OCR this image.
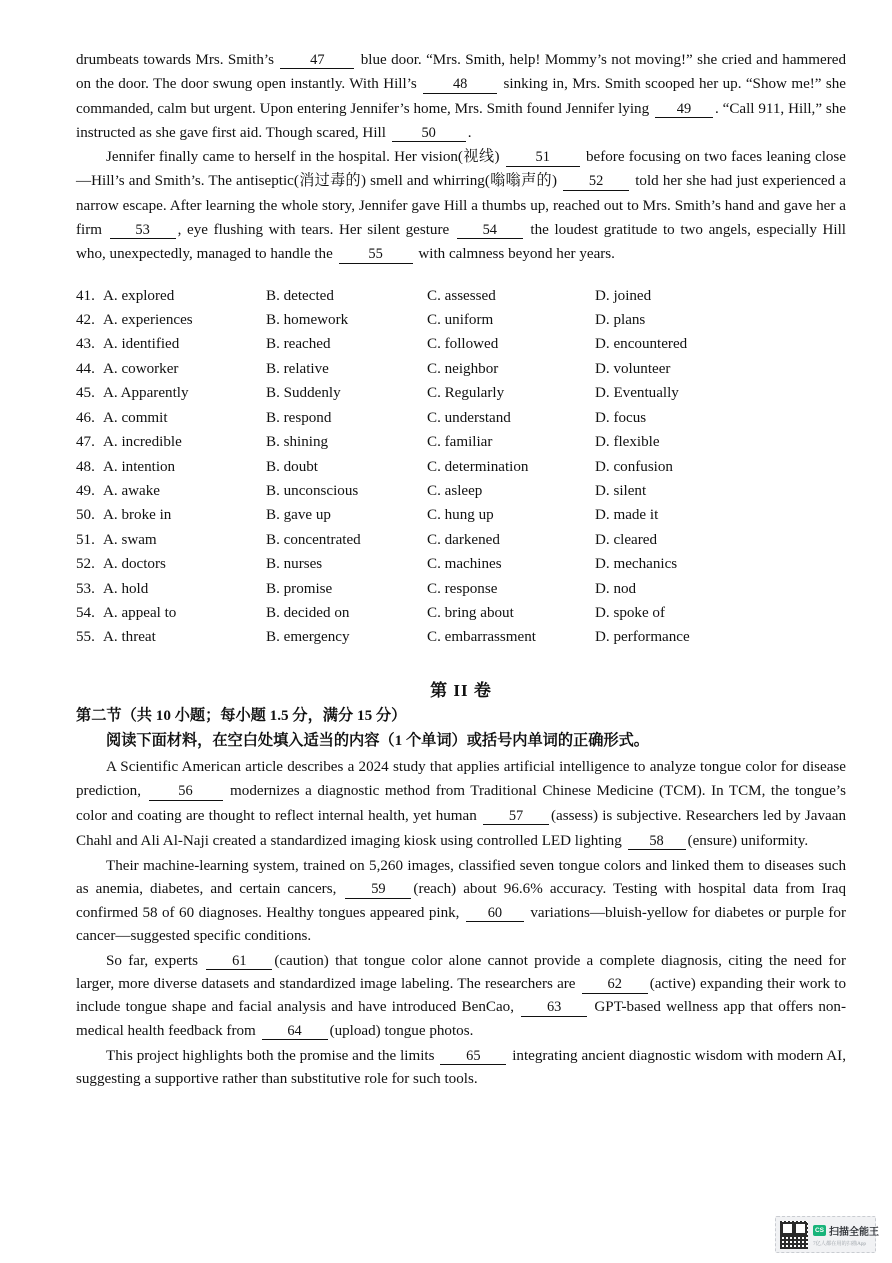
drumbeats towards Mrs. Smith’s	47 blue door. “Mrs. Smith, help! Mommy’s not moving!” she cried and hammered on the door. The door swung open instantly. With Hill’s	48 sinking in, Mrs. Smith scooped her up. “Show me!” she commanded, calm but urgent. Upon entering Jennifer’s home, Mrs. Smith found Jennifer lying 49 . “Call 911, Hill,” she instructed as she gave first aid. Though scared, Hill 50 .

Jennifer finally came to herself in the hospital. Her vision(视线)	51 before focusing on two faces leaning close—Hill’s and Smith’s. The antiseptic(消过毒的) smell and whirring(嗡嗡声的) 52 told her she had just experienced a narrow escape. After learning the whole story, Jennifer gave Hill a thumbs up, reached out to Mrs. Smith’s hand and gave her a firm 53 , eye flushing with tears. Her silent gesture 54 the loudest gratitude to two angels, especially Hill who, unexpectedly, managed to handle the 55 with calmness beyond her years.

41. A. explored	B. detected	C. assessed	D. joined
42. A. experiences	B. homework	C. uniform	D. plans
43. A. identified	B. reached	C. followed	D. encountered
44. A. coworker	B. relative	C. neighbor	D. volunteer
45. A. Apparently	B. Suddenly	C. Regularly	D. Eventually
46. A. commit	B. respond	C. understand	D. focus
47. A. incredible	B. shining	C. familiar	D. flexible
48. A. intention	B. doubt	C. determination	D. confusion
49. A. awake	B. unconscious	C. asleep	D. silent
50. A. broke in	B. gave up	C. hung up	D. made it
51. A. swam	B. concentrated	C. darkened	D. cleared
52. A. doctors	B. nurses	C. machines	D. mechanics
53. A. hold	B. promise	C. response	D. nod
54. A. appeal to	B. decided on	C. bring about	D. spoke of
55. A. threat	B. emergency	C. embarrassment	D. performance
第 II 卷
第二节（共 10 小题；每小题 1.5 分，满分 15 分）
阅读下面材料，在空白处填入适当的内容（1 个单词）或括号内单词的正确形式。

A Scientific American article describes a 2024 study that applies artificial intelligence to analyze tongue color for disease prediction,	56 modernizes a diagnostic method from Traditional Chinese Medicine (TCM). In TCM, the tongue’s color and coating are thought to reflect internal health, yet human 57 (assess) is subjective. Researchers led by Javaan Chahl and Ali Al-Naji created a standardized imaging kiosk using controlled LED lighting 58 (ensure) uniformity.

Their machine-learning system, trained on 5,260 images, classified seven tongue colors and linked them to diseases such as anemia, diabetes, and certain cancers, 59 (reach) about 96.6% accuracy. Testing with hospital data from Iraq confirmed 58 of 60 diagnoses. Healthy tongues appeared pink, 60 variations—bluish-yellow for diabetes or purple for cancer—suggested specific conditions.

So far, experts 61 (caution) that tongue color alone cannot provide a complete diagnosis, citing the need for larger, more diverse datasets and standardized image labeling. The researchers are 62 (active) expanding their work to include tongue shape and facial analysis and have introduced BenCao, 63 GPT-based wellness app that offers non-medical health feedback from 64 (upload) tongue photos.

This project highlights both the promise and the limits 65 integrating ancient diagnostic wisdom with modern AI, suggesting a supportive rather than substitutive role for such tools.

CS 扫描全能王
7亿人都在用的扫描App
